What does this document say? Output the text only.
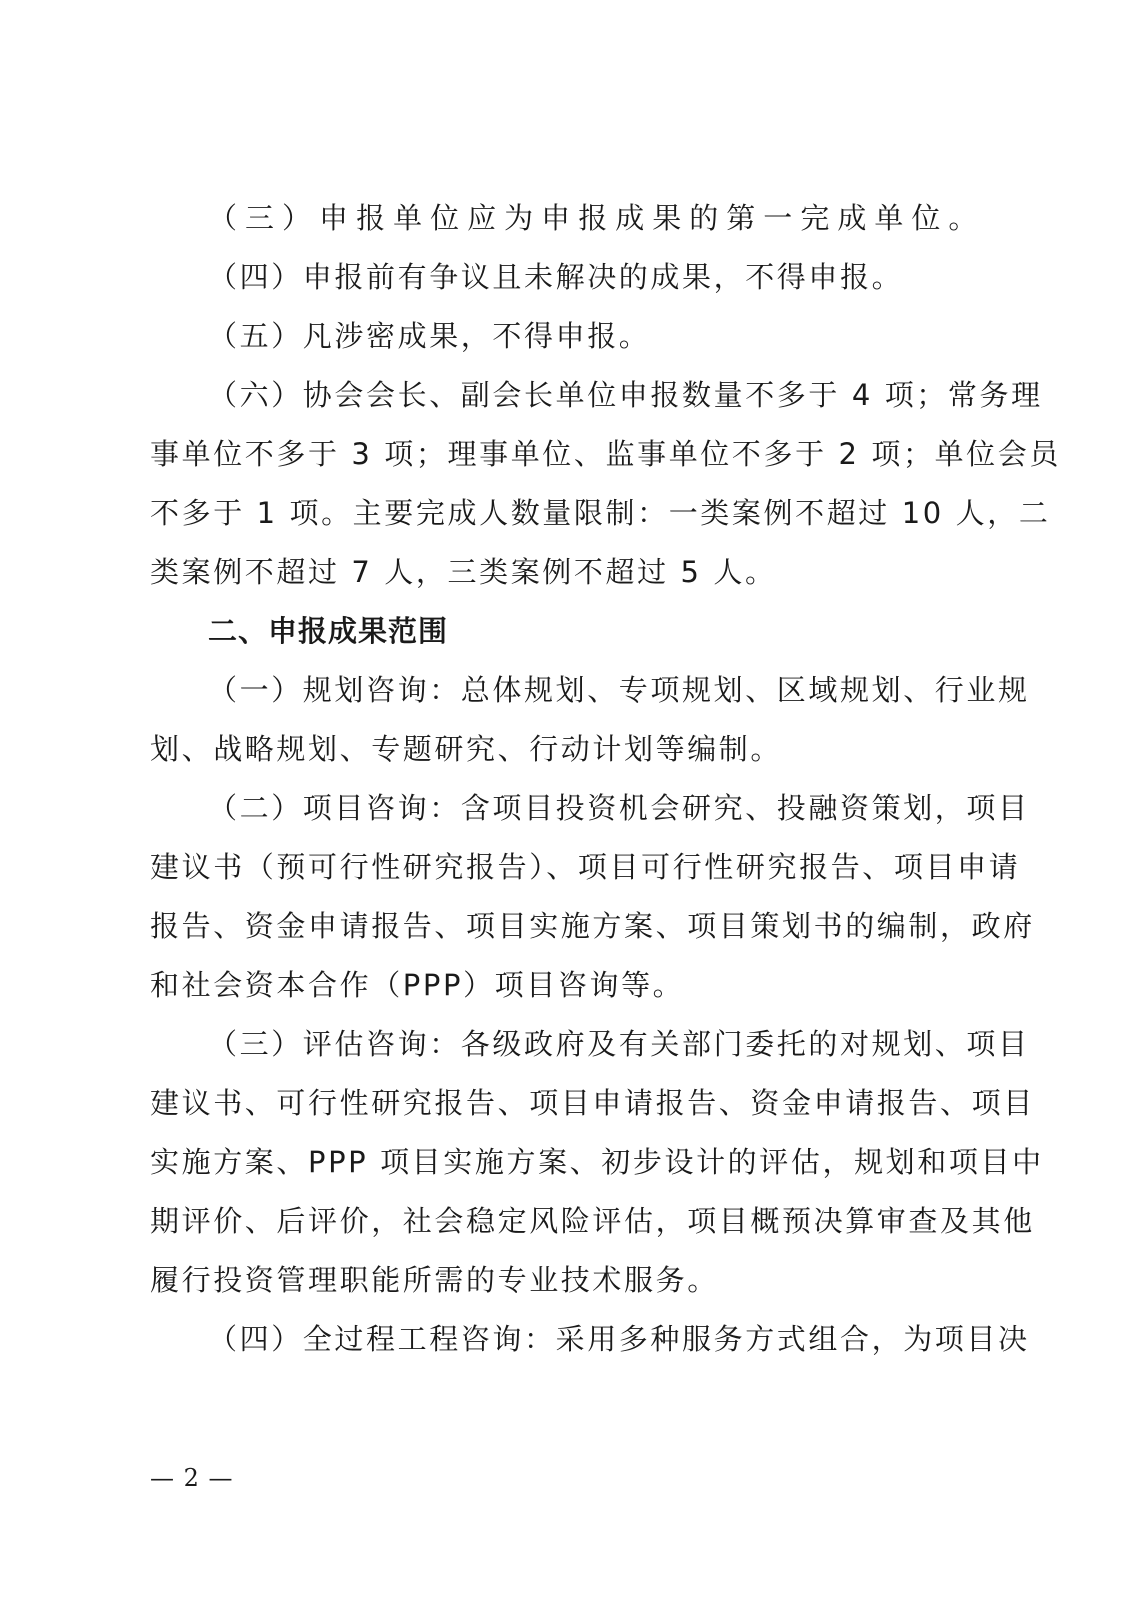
（三）申报单位应为申报成果的第一完成单位。
（四）申报前有争议且未解决的成果，不得申报。
（五）凡涉密成果，不得申报。
（六）协会会长、副会长单位申报数量不多于 4 项；常务理
事单位不多于 3 项；理事单位、监事单位不多于 2 项；单位会员
不多于 1 项。主要完成人数量限制：一类案例不超过 10 人，二
类案例不超过 7 人，三类案例不超过 5 人。
二、申报成果范围
（一）规划咨询：总体规划、专项规划、区域规划、行业规
划、战略规划、专题研究、行动计划等编制。
（二）项目咨询：含项目投资机会研究、投融资策划，项目
建议书（预可行性研究报告）、项目可行性研究报告、项目申请
报告、资金申请报告、项目实施方案、项目策划书的编制，政府
和社会资本合作（PPP）项目咨询等。
（三）评估咨询：各级政府及有关部门委托的对规划、项目
建议书、可行性研究报告、项目申请报告、资金申请报告、项目
实施方案、PPP 项目实施方案、初步设计的评估，规划和项目中
期评价、后评价，社会稳定风险评估，项目概预决算审查及其他
履行投资管理职能所需的专业技术服务。
（四）全过程工程咨询：采用多种服务方式组合，为项目决
— 2 —
